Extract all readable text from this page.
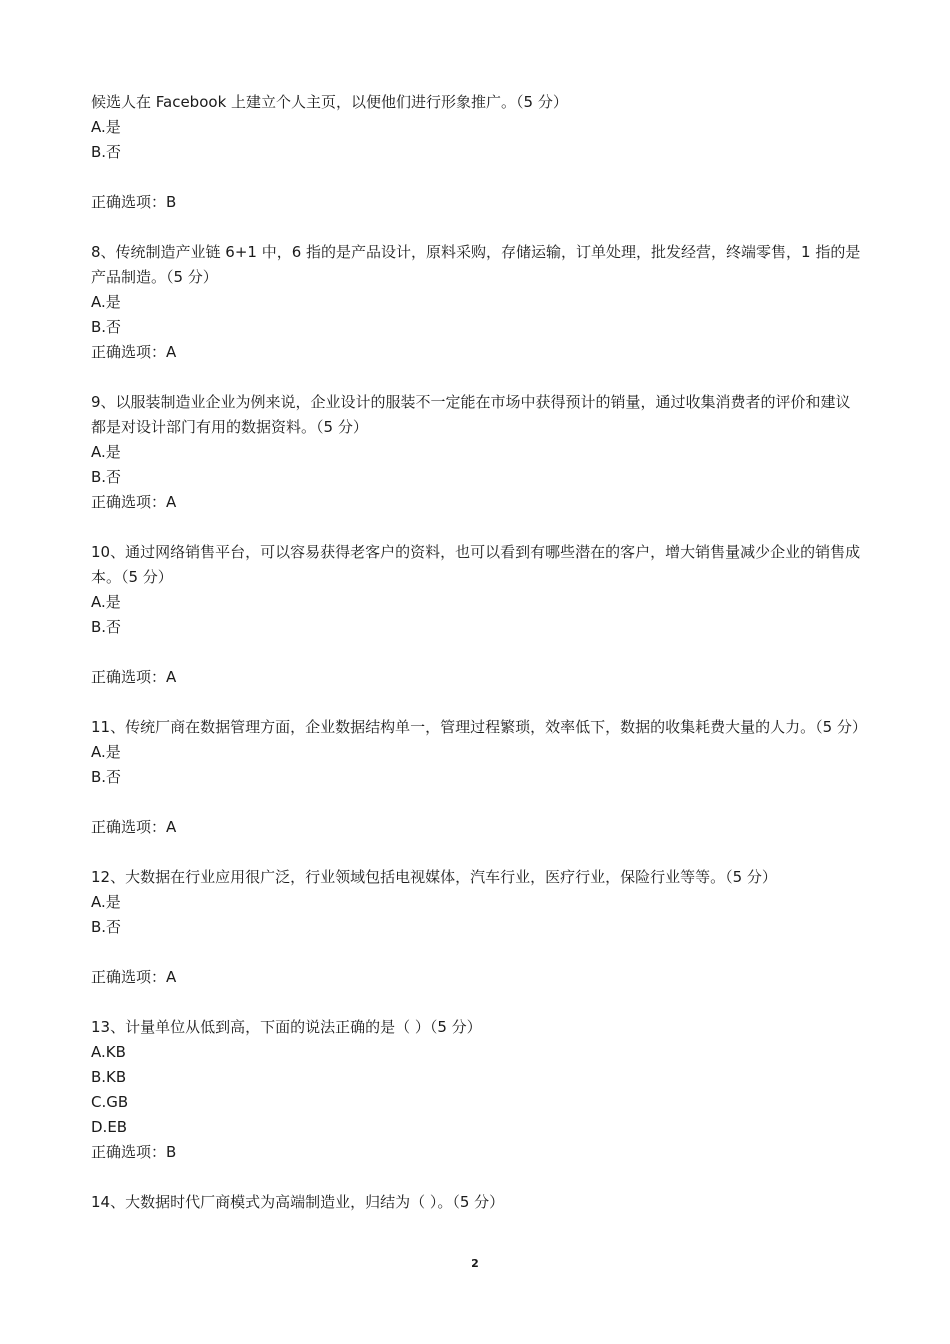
候选人在 Facebook 上建立个人主页，以便他们进行形象推广。（5 分）

A.是

B.否

正确选项：B

8、传统制造产业链 6+1 中，6 指的是产品设计，原料采购，存储运输，订单处理，批发经营，终端零售，1 指的是产品制造。（5 分）

A.是

B.否

正确选项：A

9、以服装制造业企业为例来说，企业设计的服装不一定能在市场中获得预计的销量，通过收集消费者的评价和建议都是对设计部门有用的数据资料。（5 分）

A.是

B.否

正确选项：A

10、通过网络销售平台，可以容易获得老客户的资料，也可以看到有哪些潜在的客户，增大销售量减少企业的销售成本。（5 分）

A.是

B.否

正确选项：A

11、传统厂商在数据管理方面，企业数据结构单一，管理过程繁琐，效率低下，数据的收集耗费大量的人力。（5 分）

A.是

B.否

正确选项：A

12、大数据在行业应用很广泛，行业领域包括电视媒体，汽车行业，医疗行业，保险行业等等。（5 分）

A.是

B.否

正确选项：A

13、计量单位从低到高，下面的说法正确的是（ ）（5 分）

A.KB

B.KB

C.GB

D.EB

正确选项：B

14、大数据时代厂商模式为高端制造业，归结为（ ）。（5 分）

2
